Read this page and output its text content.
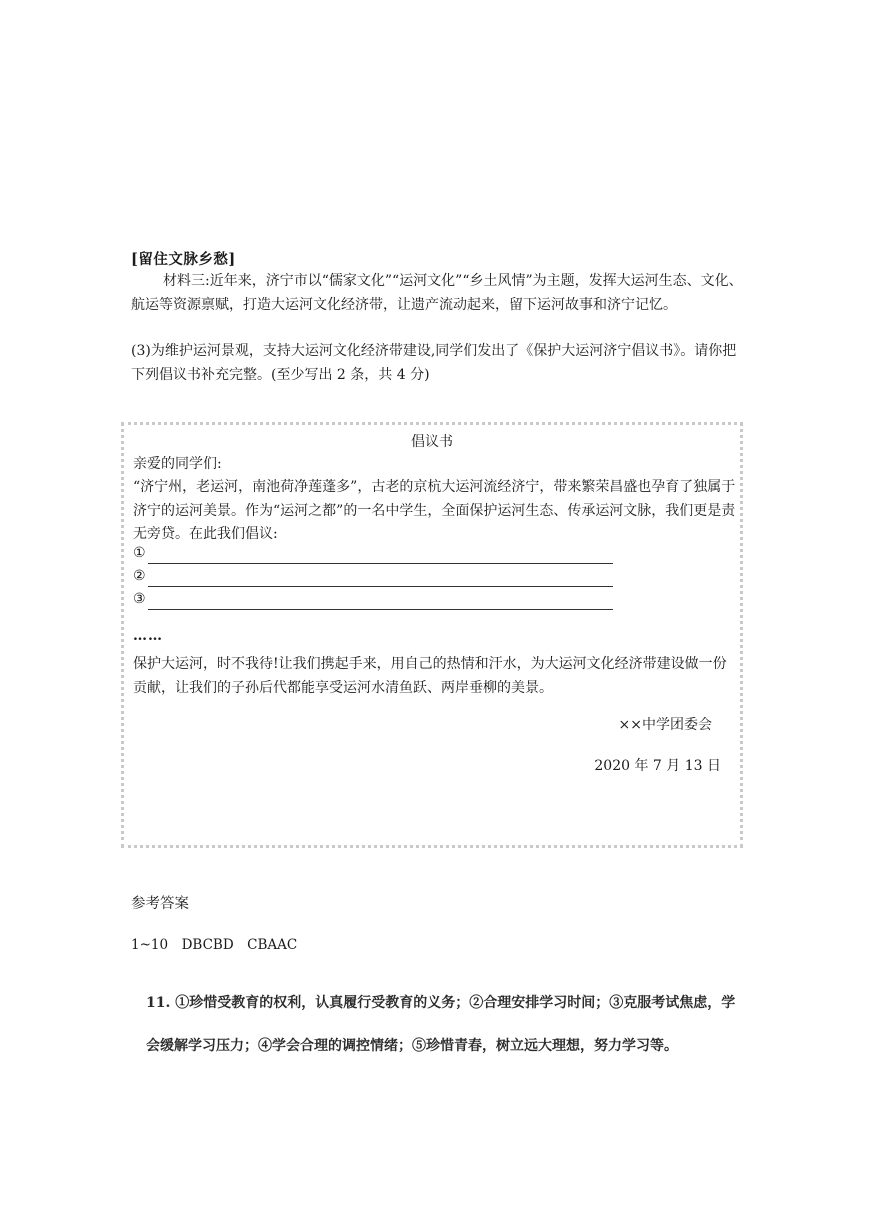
[留住文脉乡愁]
材料三:近年来，济宁市以“儒家文化”“运河文化”“乡土风情”为主题，发挥大运河生态、文化、航运等资源禀赋，打造大运河文化经济带，让遗产流动起来，留下运河故事和济宁记忆。
(3)为维护运河景观，支持大运河文化经济带建设,同学们发出了《保护大运河济宁倡议书》。请你把 下列倡议书补充完整。(至少写出 2 条，共 4 分)
倡议书
亲爱的同学们:
“济宁州，老运河，南池荷净莲蓬多”，古老的京杭大运河流经济宁，带来繁荣昌盛也孕育了独属于济宁的运河美景。作为“运河之都”的一名中学生，全面保护运河生态、传承运河文脉，我们更是责无旁贷。在此我们倡议:
①
②
③
……
保护大运河，时不我待!让我们携起手来，用自己的热情和汗水，为大运河文化经济带建设做一份贡献，让我们的子孙后代都能享受运河水清鱼跃、两岸垂柳的美景。
××中学团委会
2020 年 7 月 13 日
参考答案
1~10　DBCBD　CBAAC
11. ①珍惜受教育的权利，认真履行受教育的义务；②合理安排学习时间；③克服考试焦虑，学会缓解学习压力；④学会合理的调控情绪；⑤珍惜青春，树立远大理想，努力学习等。
